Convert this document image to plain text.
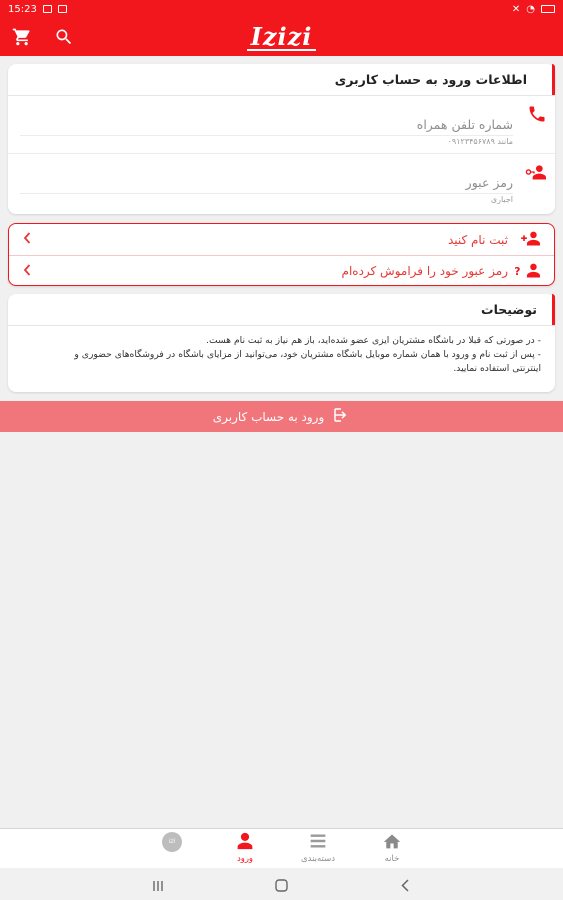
15:23	✕ ◔
Izizi
اطلاعات ورود به حساب کاربری
شماره تلفن همراه
مانند ۰۹۱۲۳۴۵۶۷۸۹
اجباری
ثبت نام کنید
?
رمز عبور خود را فراموش کرده‌ام
توضیحات
- در صورتی که قبلا در باشگاه مشتریان ایزی عضو شده‌اید، باز هم نیاز به ثبت نام هست.
- پس از ثبت نام و ورود با همان شماره موبایل باشگاه مشتریان خود، می‌توانید از مزایای باشگاه در فروشگاه‌های حضوری و
اینترنتی استفاده نمایید.
ورود به حساب کاربری
خانه
دسته‌بندی
ورود
izi
